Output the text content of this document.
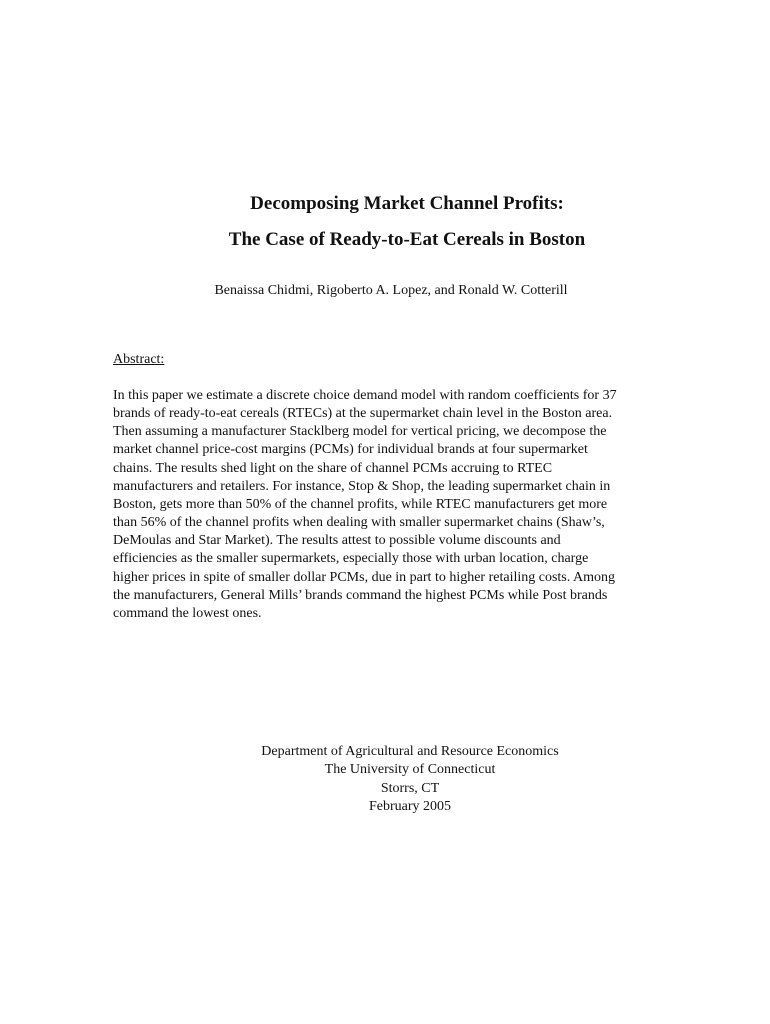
Decomposing Market Channel Profits:
The Case of Ready-to-Eat Cereals in Boston
Benaissa Chidmi, Rigoberto A. Lopez, and Ronald W. Cotterill
Abstract:

In this paper we estimate a discrete choice demand model with random coefficients for 37
brands of ready-to-eat cereals (RTECs) at the supermarket chain level in the Boston area.
Then assuming a manufacturer Stacklberg model for vertical pricing, we decompose the
market channel price-cost margins (PCMs) for individual brands at four supermarket
chains. The results shed light on the share of channel PCMs accruing to RTEC
manufacturers and retailers. For instance, Stop & Shop, the leading supermarket chain in
Boston, gets more than 50% of the channel profits, while RTEC manufacturers get more
than 56% of the channel profits when dealing with smaller supermarket chains (Shaw’s,
DeMoulas and Star Market). The results attest to possible volume discounts and
efficiencies as the smaller supermarkets, especially those with urban location, charge
higher prices in spite of smaller dollar PCMs, due in part to higher retailing costs. Among
the manufacturers, General Mills’ brands command the highest PCMs while Post brands
command the lowest ones.

Department of Agricultural and Resource Economics
The University of Connecticut
Storrs, CT
February 2005
